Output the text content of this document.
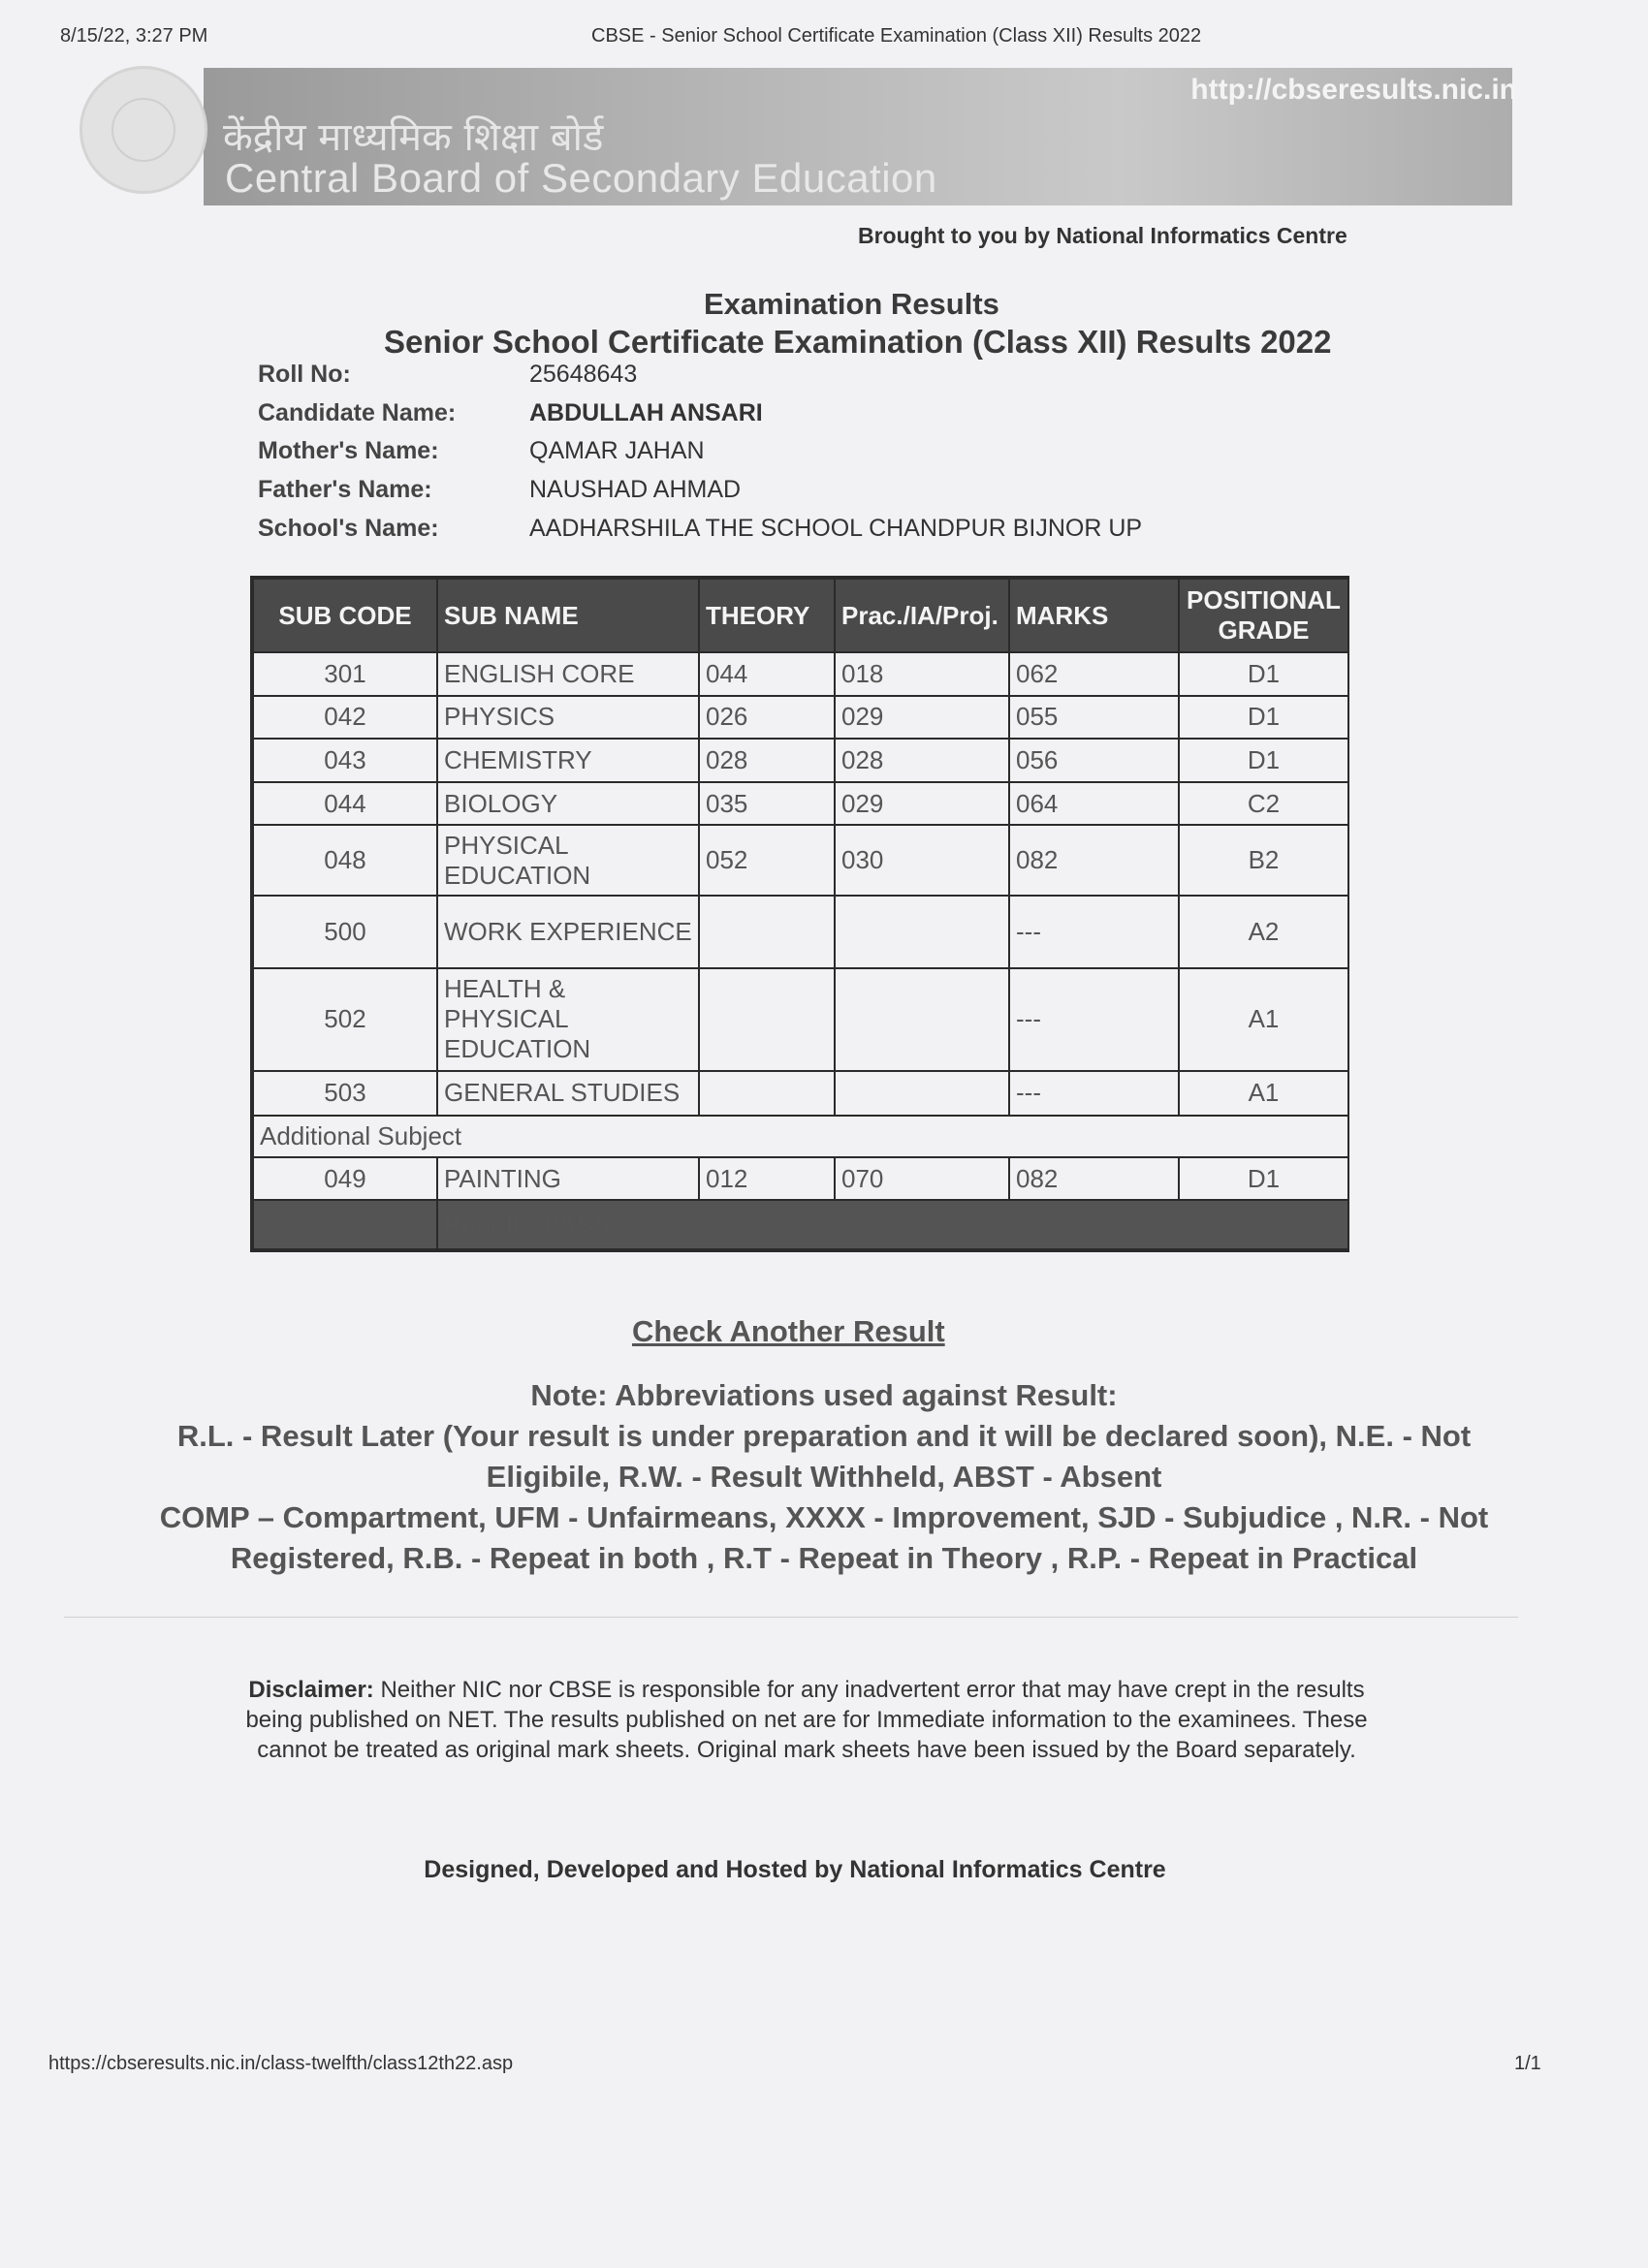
8/15/22, 3:27 PM	CBSE - Senior School Certificate Examination (Class XII) Results 2022
केंद्रीय माध्यमिक शिक्षा बोर्ड
Central Board of Secondary Education
http://cbseresults.nic.in
Brought to you by National Informatics Centre
Examination Results
Senior School Certificate Examination (Class XII) Results 2022
Roll No:	25648643
Candidate Name:	ABDULLAH ANSARI
Mother's Name:	QAMAR JAHAN
Father's Name:	NAUSHAD AHMAD
School's Name:	AADHARSHILA THE SCHOOL CHANDPUR BIJNOR UP
SUB CODE	SUB NAME	THEORY	Prac./IA/Proj.	MARKS	POSITIONAL GRADE
301	ENGLISH CORE	044	018	062	D1
042	PHYSICS	026	029	055	D1
043	CHEMISTRY	028	028	056	D1
044	BIOLOGY	035	029	064	C2
048	PHYSICAL EDUCATION	052	030	082	B2
500	WORK EXPERIENCE			---	A2
502	HEALTH & PHYSICAL EDUCATION			---	A1
503	GENERAL STUDIES			---	A1
Additional Subject					
049	PAINTING	012	070	082	D1
	Result : PASS				
Check Another Result
Note: Abbreviations used against Result:
R.L. - Result Later (Your result is under preparation and it will be declared soon), N.E. - Not
Eligibile, R.W. - Result Withheld, ABST - Absent
COMP – Compartment, UFM - Unfairmeans, XXXX - Improvement, SJD - Subjudice , N.R. - Not
Registered, R.B. - Repeat in both , R.T - Repeat in Theory , R.P. - Repeat in Practical
Disclaimer: Neither NIC nor CBSE is responsible for any inadvertent error that may have crept in the results being published on NET. The results published on net are for Immediate information to the examinees. These cannot be treated as original mark sheets. Original mark sheets have been issued by the Board separately.
Designed, Developed and Hosted by National Informatics Centre
https://cbseresults.nic.in/class-twelfth/class12th22.asp	1/1
